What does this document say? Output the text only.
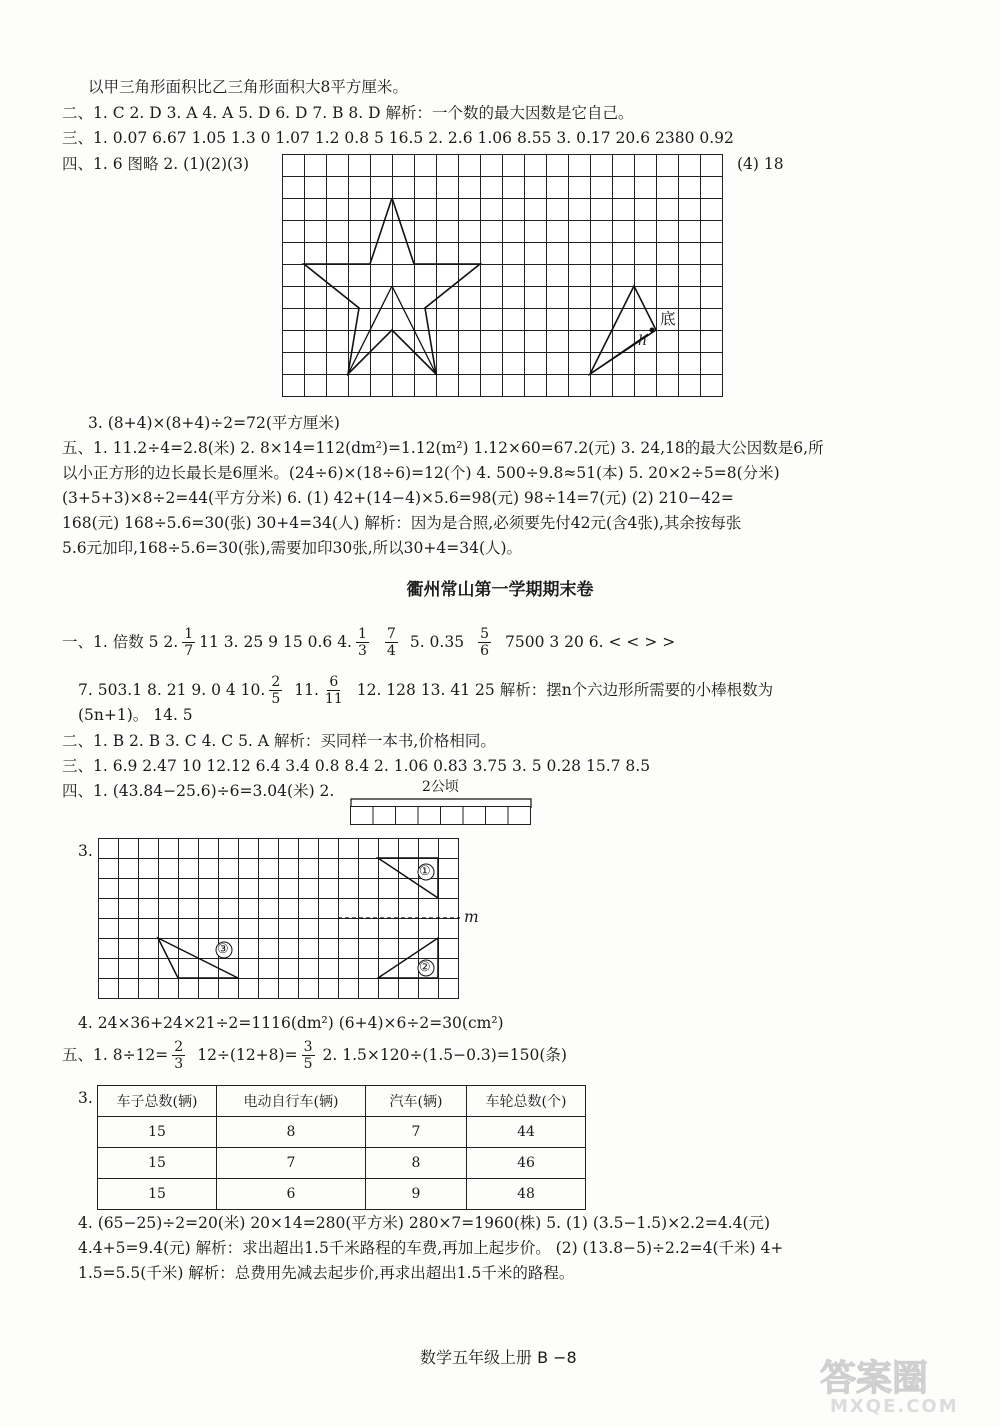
以甲三角形面积比乙三角形面积大8平方厘米。
二、1. C 2. D 3. A 4. A 5. D 6. D 7. B 8. D 解析：一个数的最大因数是它自己。
三、1. 0.07 6.67 1.05 1.3 0 1.07 1.2 0.8 5 16.5 2. 2.6 1.06 8.55 3. 0.17 20.6 2380 0.92
四、1. 6 图略 2. (1)(2)(3)	(4) 18
底
h
3. (8+4)×(8+4)÷2=72(平方厘米)
五、1. 11.2÷4=2.8(米) 2. 8×14=112(dm²)=1.12(m²) 1.12×60=67.2(元) 3. 24,18的最大公因数是6,所
以小正方形的边长最长是6厘米。(24÷6)×(18÷6)=12(个) 4. 500÷9.8≈51(本) 5. 20×2÷5=8(分米)
(3+5+3)×8÷2=44(平方分米) 6. (1) 42+(14−4)×5.6=98(元) 98÷14=7(元) (2) 210−42=
168(元) 168÷5.6=30(张) 30+4=34(人) 解析：因为是合照,必须要先付42元(含4张),其余按每张
5.6元加印,168÷5.6=30(张),需要加印30张,所以30+4=34(人)。
衢州常山第一学期期末卷
一、1. 倍数 5 2. $\frac{1}{7} 11$ 3. 25 9 15 0.6 4. $\frac{1}{3} \frac{7}{4} 5$. $0.35 \frac{5}{6} 7500$ 3 20 6. < < > >
7. 503.1 8. 21 9. 0 4 10. $\frac{2}{5} 11$. $\frac{6}{11} 12$. 128 13. 41 25 解析：摆n个六边形所需要的小棒根数为
(5n+1)。 14. 5
二、1. B 2. B 3. C 4. C 5. A 解析：买同样一本书,价格相同。
三、1. 6.9 2.47 10 12.12 6.4 3.4 0.8 8.4 2. 1.06 0.83 3.75 3. 5 0.28 15.7 8.5
四、1. (43.84−25.6)÷6=3.04(米) 2.	2公顷
3.
①
②
③
m
4. 24×36+24×21÷2=1116(dm²) (6+4)×6÷2=30(cm²)
五、1. $8\div 12= \frac{2}{3} 12\div(12+8)= \frac{3}{5} 2$. 1.5×120÷(1.5−0.3)=150(条)
3. 车子总数(辆)	电动自行车(辆)	汽车(辆)	车轮总数(个)
15	8	7	44
15	7	8	46
15	6	9	48
4. (65−25)÷2=20(米) 20×14=280(平方米) 280×7=1960(株) 5. (1) (3.5−1.5)×2.2=4.4(元)
4.4+5=9.4(元) 解析：求出超出1.5千米路程的车费,再加上起步价。 (2) (13.8−5)÷2.2=4(千米) 4+
1.5=5.5(千米) 解析：总费用先减去起步价,再求出超出1.5千米的路程。
数学五年级上册 B −8
答案圈
MXQE.COM
